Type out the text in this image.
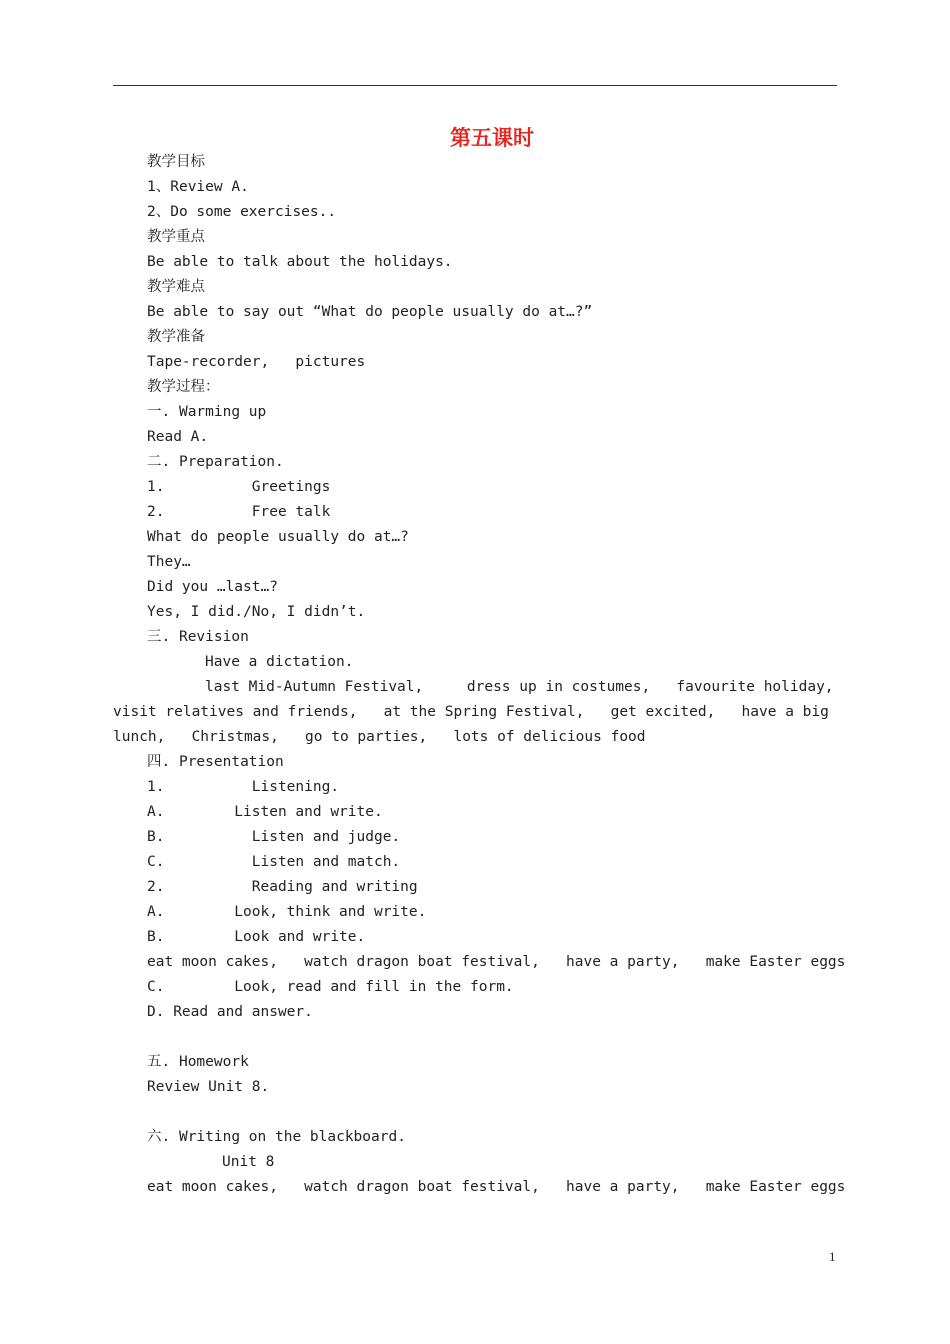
第五课时
教学目标
1、Review A.
2、Do some exercises..
教学重点
Be able to talk about the holidays.
教学难点
Be able to say out “What do people usually do at…?”
教学准备
Tape-recorder,   pictures
教学过程：
一. Warming up
Read A.
二. Preparation.
1.          Greetings
2.          Free talk
What do people usually do at…?
They…
Did you …last…?
Yes, I did./No, I didn’t.
三. Revision
Have a dictation.
last Mid-Autumn Festival,     dress up in costumes,   favourite holiday,
visit relatives and friends,   at the Spring Festival,   get excited,   have a big
lunch,   Christmas,   go to parties,   lots of delicious food
四. Presentation
1.          Listening.
A.        Listen and write.
B.          Listen and judge.
C.          Listen and match.
2.          Reading and writing
A.        Look, think and write.
B.        Look and write.
eat moon cakes,   watch dragon boat festival,   have a party,   make Easter eggs
C.        Look, read and fill in the form.
D. Read and answer.
五. Homework
Review Unit 8.
六. Writing on the blackboard.
Unit 8
eat moon cakes,   watch dragon boat festival,   have a party,   make Easter eggs
1
